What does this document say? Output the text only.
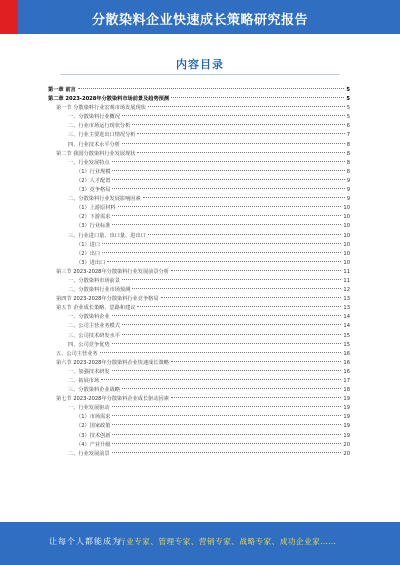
分散染料企业快速成长策略研究报告
内容目录
第一章 前言	5
第二章 2023-2028年分散染料市场前景及趋势预测	5
第一节 分散染料行业宏观市场发展现状	5
一、分散染料行业概况	5
二、行业市场运行现状分析	6
三、行业主要进出口情况分析	7
四、行业技术水平分析	8
第二节 我国分散染料行业发展现状	8
一、行业发展特点	8
（1）行业规模	8
（2）人才配置	9
（3）竞争格局	9
二、分散染料行业发展影响因素	9
（1）上游原材料	10
（2）下游需求	10
（3）行业标准	10
三、行业进口量、出口量、进出口	10
（1）进口	10
（2）出口	10
（3）进出口	10
第三节 2023-2028年分散染料行业发展前景分析	11
一、分散染料市场前景	11
二、分散染料行业市场预测	12
第四节 2023-2028年分散染料行业竞争格局	13
第五节 企业成长策略、思路和建议	13
一、分散染料企业	14
二、公司主营业务模式	14
三、公司技术研发水平	15
四、公司竞争优势	15
五、公司主营业务	16
第六节 2023-2028年分散染料企业快速成长策略	16
一、加强技术研发	16
二、拓展市场	17
三、分散染料企业战略	18
第七节 2023-2028年分散染料企业成长驱动因素	19
一、行业发展驱动	19
（1）市场需求	19
（2）国家政策	19
（3）技术创新	19
（4）产业升级	20
二、行业发展前景	20
让每个人都能成为
行业专家、管理专家、营销专家、战略专家、成功企业家……
